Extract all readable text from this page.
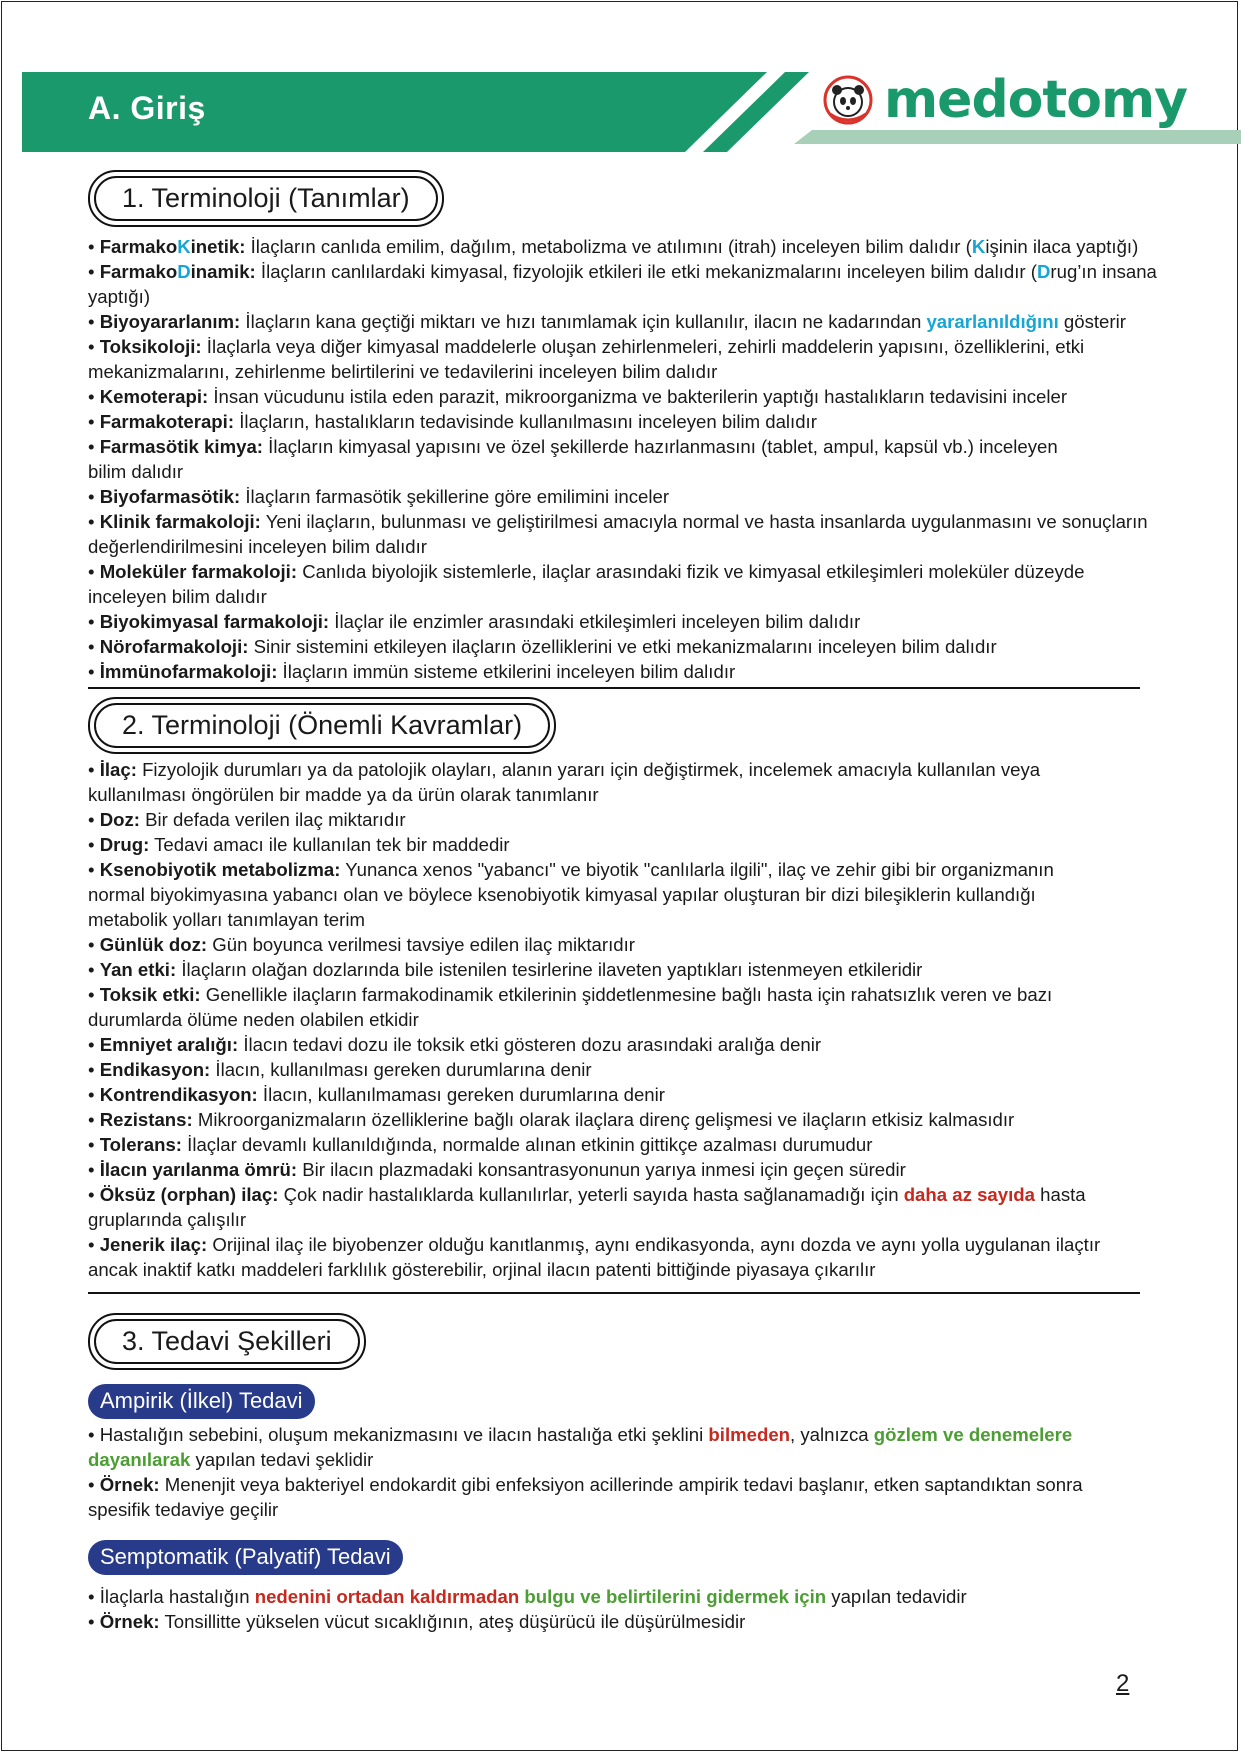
A. Giriş	medotomy
1. Terminoloji (Tanımlar)

• FarmakoKinetik: İlaçların canlıda emilim, dağılım, metabolizma ve atılımını (itrah) inceleyen bilim dalıdır (Kişinin ilaca yaptığı)

• FarmakoDinamik: İlaçların canlılardaki kimyasal, fizyolojik etkileri ile etki mekanizmalarını inceleyen bilim dalıdır (Drug’ın insana yaptığı)

• Biyoyararlanım: İlaçların kana geçtiği miktarı ve hızı tanımlamak için kullanılır, ilacın ne kadarından yararlanıldığını gösterir

• Toksikoloji: İlaçlarla veya diğer kimyasal maddelerle oluşan zehirlenmeleri, zehirli maddelerin yapısını, özelliklerini, etki mekanizmalarını, zehirlenme belirtilerini ve tedavilerini inceleyen bilim dalıdır

• Kemoterapi: İnsan vücudunu istila eden parazit, mikroorganizma ve bakterilerin yaptığı hastalıkların tedavisini inceler

• Farmakoterapi: İlaçların, hastalıkların tedavisinde kullanılmasını inceleyen bilim dalıdır

• Farmasötik kimya: İlaçların kimyasal yapısını ve özel şekillerde hazırlanmasını (tablet, ampul, kapsül vb.) inceleyen bilim dalıdır

• Biyofarmasötik: İlaçların farmasötik şekillerine göre emilimini inceler

• Klinik farmakoloji: Yeni ilaçların, bulunması ve geliştirilmesi amacıyla normal ve hasta insanlarda uygulanmasını ve sonuçların değerlendirilmesini inceleyen bilim dalıdır

• Moleküler farmakoloji: Canlıda biyolojik sistemlerle, ilaçlar arasındaki fizik ve kimyasal etkileşimleri moleküler düzeyde inceleyen bilim dalıdır

• Biyokimyasal farmakoloji: İlaçlar ile enzimler arasındaki etkileşimleri inceleyen bilim dalıdır

• Nörofarmakoloji: Sinir sistemini etkileyen ilaçların özelliklerini ve etki mekanizmalarını inceleyen bilim dalıdır

• İmmünofarmakoloji: İlaçların immün sisteme etkilerini inceleyen bilim dalıdır

2. Terminoloji (Önemli Kavramlar)

• İlaç: Fizyolojik durumları ya da patolojik olayları, alanın yararı için değiştirmek, incelemek amacıyla kullanılan veya kullanılması öngörülen bir madde ya da ürün olarak tanımlanır

• Doz: Bir defada verilen ilaç miktarıdır

• Drug: Tedavi amacı ile kullanılan tek bir maddedir

• Ksenobiyotik metabolizma: Yunanca xenos "yabancı" ve biyotik "canlılarla ilgili", ilaç ve zehir gibi bir organizmanın normal biyokimyasına yabancı olan ve böylece ksenobiyotik kimyasal yapılar oluşturan bir dizi bileşiklerin kullandığı metabolik yolları tanımlayan terim

• Günlük doz: Gün boyunca verilmesi tavsiye edilen ilaç miktarıdır

• Yan etki: İlaçların olağan dozlarında bile istenilen tesirlerine ilaveten yaptıkları istenmeyen etkileridir

• Toksik etki: Genellikle ilaçların farmakodinamik etkilerinin şiddetlenmesine bağlı hasta için rahatsızlık veren ve bazı durumlarda ölüme neden olabilen etkidir

• Emniyet aralığı: İlacın tedavi dozu ile toksik etki gösteren dozu arasındaki aralığa denir

• Endikasyon: İlacın, kullanılması gereken durumlarına denir

• Kontrendikasyon: İlacın, kullanılmaması gereken durumlarına denir

• Rezistans: Mikroorganizmaların özelliklerine bağlı olarak ilaçlara direnç gelişmesi ve ilaçların etkisiz kalmasıdır

• Tolerans: İlaçlar devamlı kullanıldığında, normalde alınan etkinin gittikçe azalması durumudur

• İlacın yarılanma ömrü: Bir ilacın plazmadaki konsantrasyonunun yarıya inmesi için geçen süredir

• Öksüz (orphan) ilaç: Çok nadir hastalıklarda kullanılırlar, yeterli sayıda hasta sağlanamadığı için daha az sayıda hasta gruplarında çalışılır

• Jenerik ilaç: Orijinal ilaç ile biyobenzer olduğu kanıtlanmış, aynı endikasyonda, aynı dozda ve aynı yolla uygulanan ilaçtır ancak inaktif katkı maddeleri farklılık gösterebilir, orjinal ilacın patenti bittiğinde piyasaya çıkarılır

3. Tedavi Şekilleri
Ampirik (İlkel) Tedavi

• Hastalığın sebebini, oluşum mekanizmasını ve ilacın hastalığa etki şeklini bilmeden, yalnızca gözlem ve denemelere dayanılarak yapılan tedavi şeklidir

• Örnek: Menenjit veya bakteriyel endokardit gibi enfeksiyon acillerinde ampirik tedavi başlanır, etken saptandıktan sonra spesifik tedaviye geçilir

Semptomatik (Palyatif) Tedavi

• İlaçlarla hastalığın nedenini ortadan kaldırmadan bulgu ve belirtilerini gidermek için yapılan tedavidir

• Örnek: Tonsillitte yükselen vücut sıcaklığının, ateş düşürücü ile düşürülmesidir

2
